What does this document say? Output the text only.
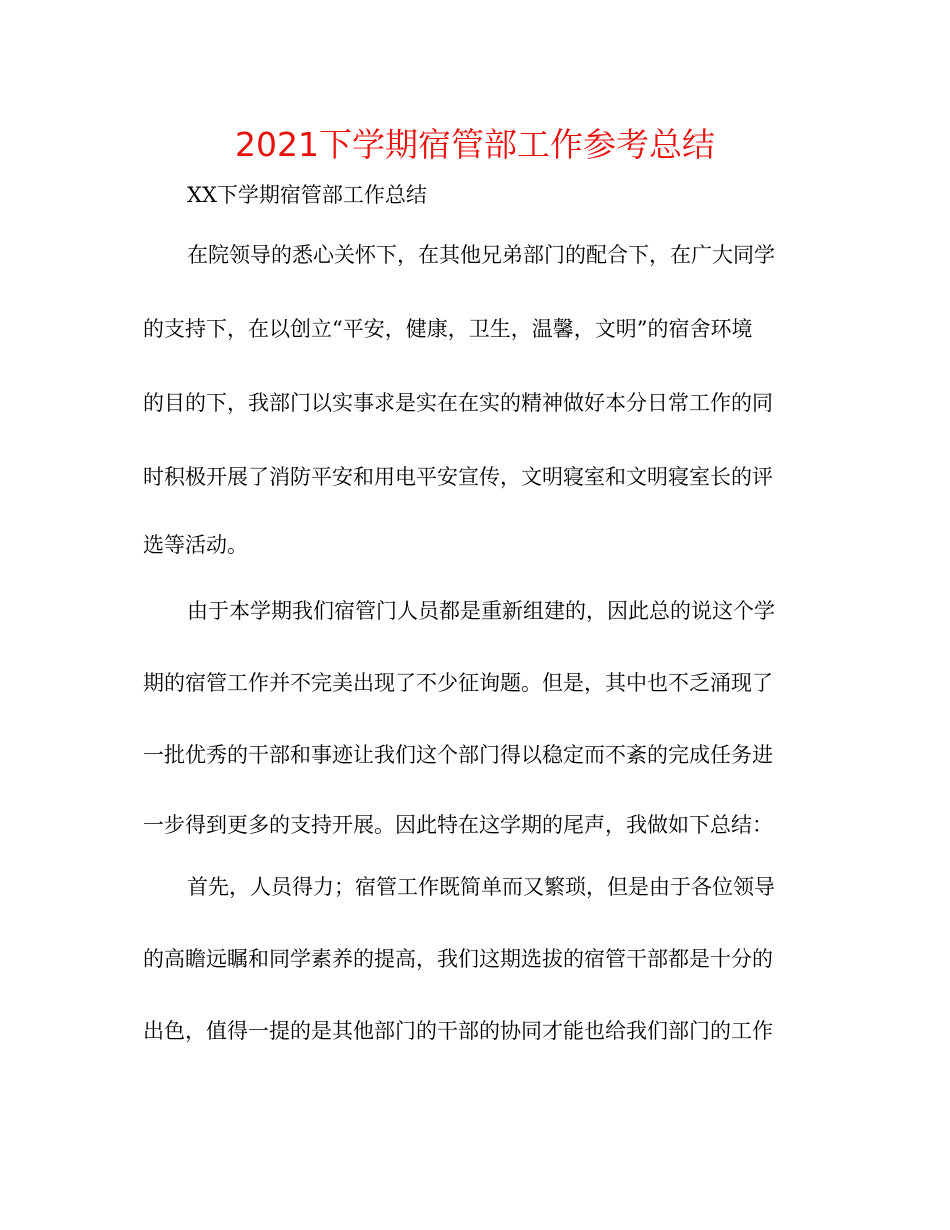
2021下学期宿管部工作参考总结

XX下学期宿管部工作总结

在院领导的悉心关怀下，在其他兄弟部门的配合下，在广大同学

的支持下，在以创立“平安，健康，卫生，温馨，文明”的宿舍环境

的目的下，我部门以实事求是实在在实的精神做好本分日常工作的同

时积极开展了消防平安和用电平安宣传，文明寝室和文明寝室长的评

选等活动。

由于本学期我们宿管门人员都是重新组建的，因此总的说这个学

期的宿管工作并不完美出现了不少征询题。但是，其中也不乏涌现了

一批优秀的干部和事迹让我们这个部门得以稳定而不紊的完成任务进

一步得到更多的支持开展。因此特在这学期的尾声，我做如下总结：

首先，人员得力；宿管工作既简单而又繁琐，但是由于各位领导

的高瞻远瞩和同学素养的提高，我们这期选拔的宿管干部都是十分的

出色，值得一提的是其他部门的干部的协同才能也给我们部门的工作
